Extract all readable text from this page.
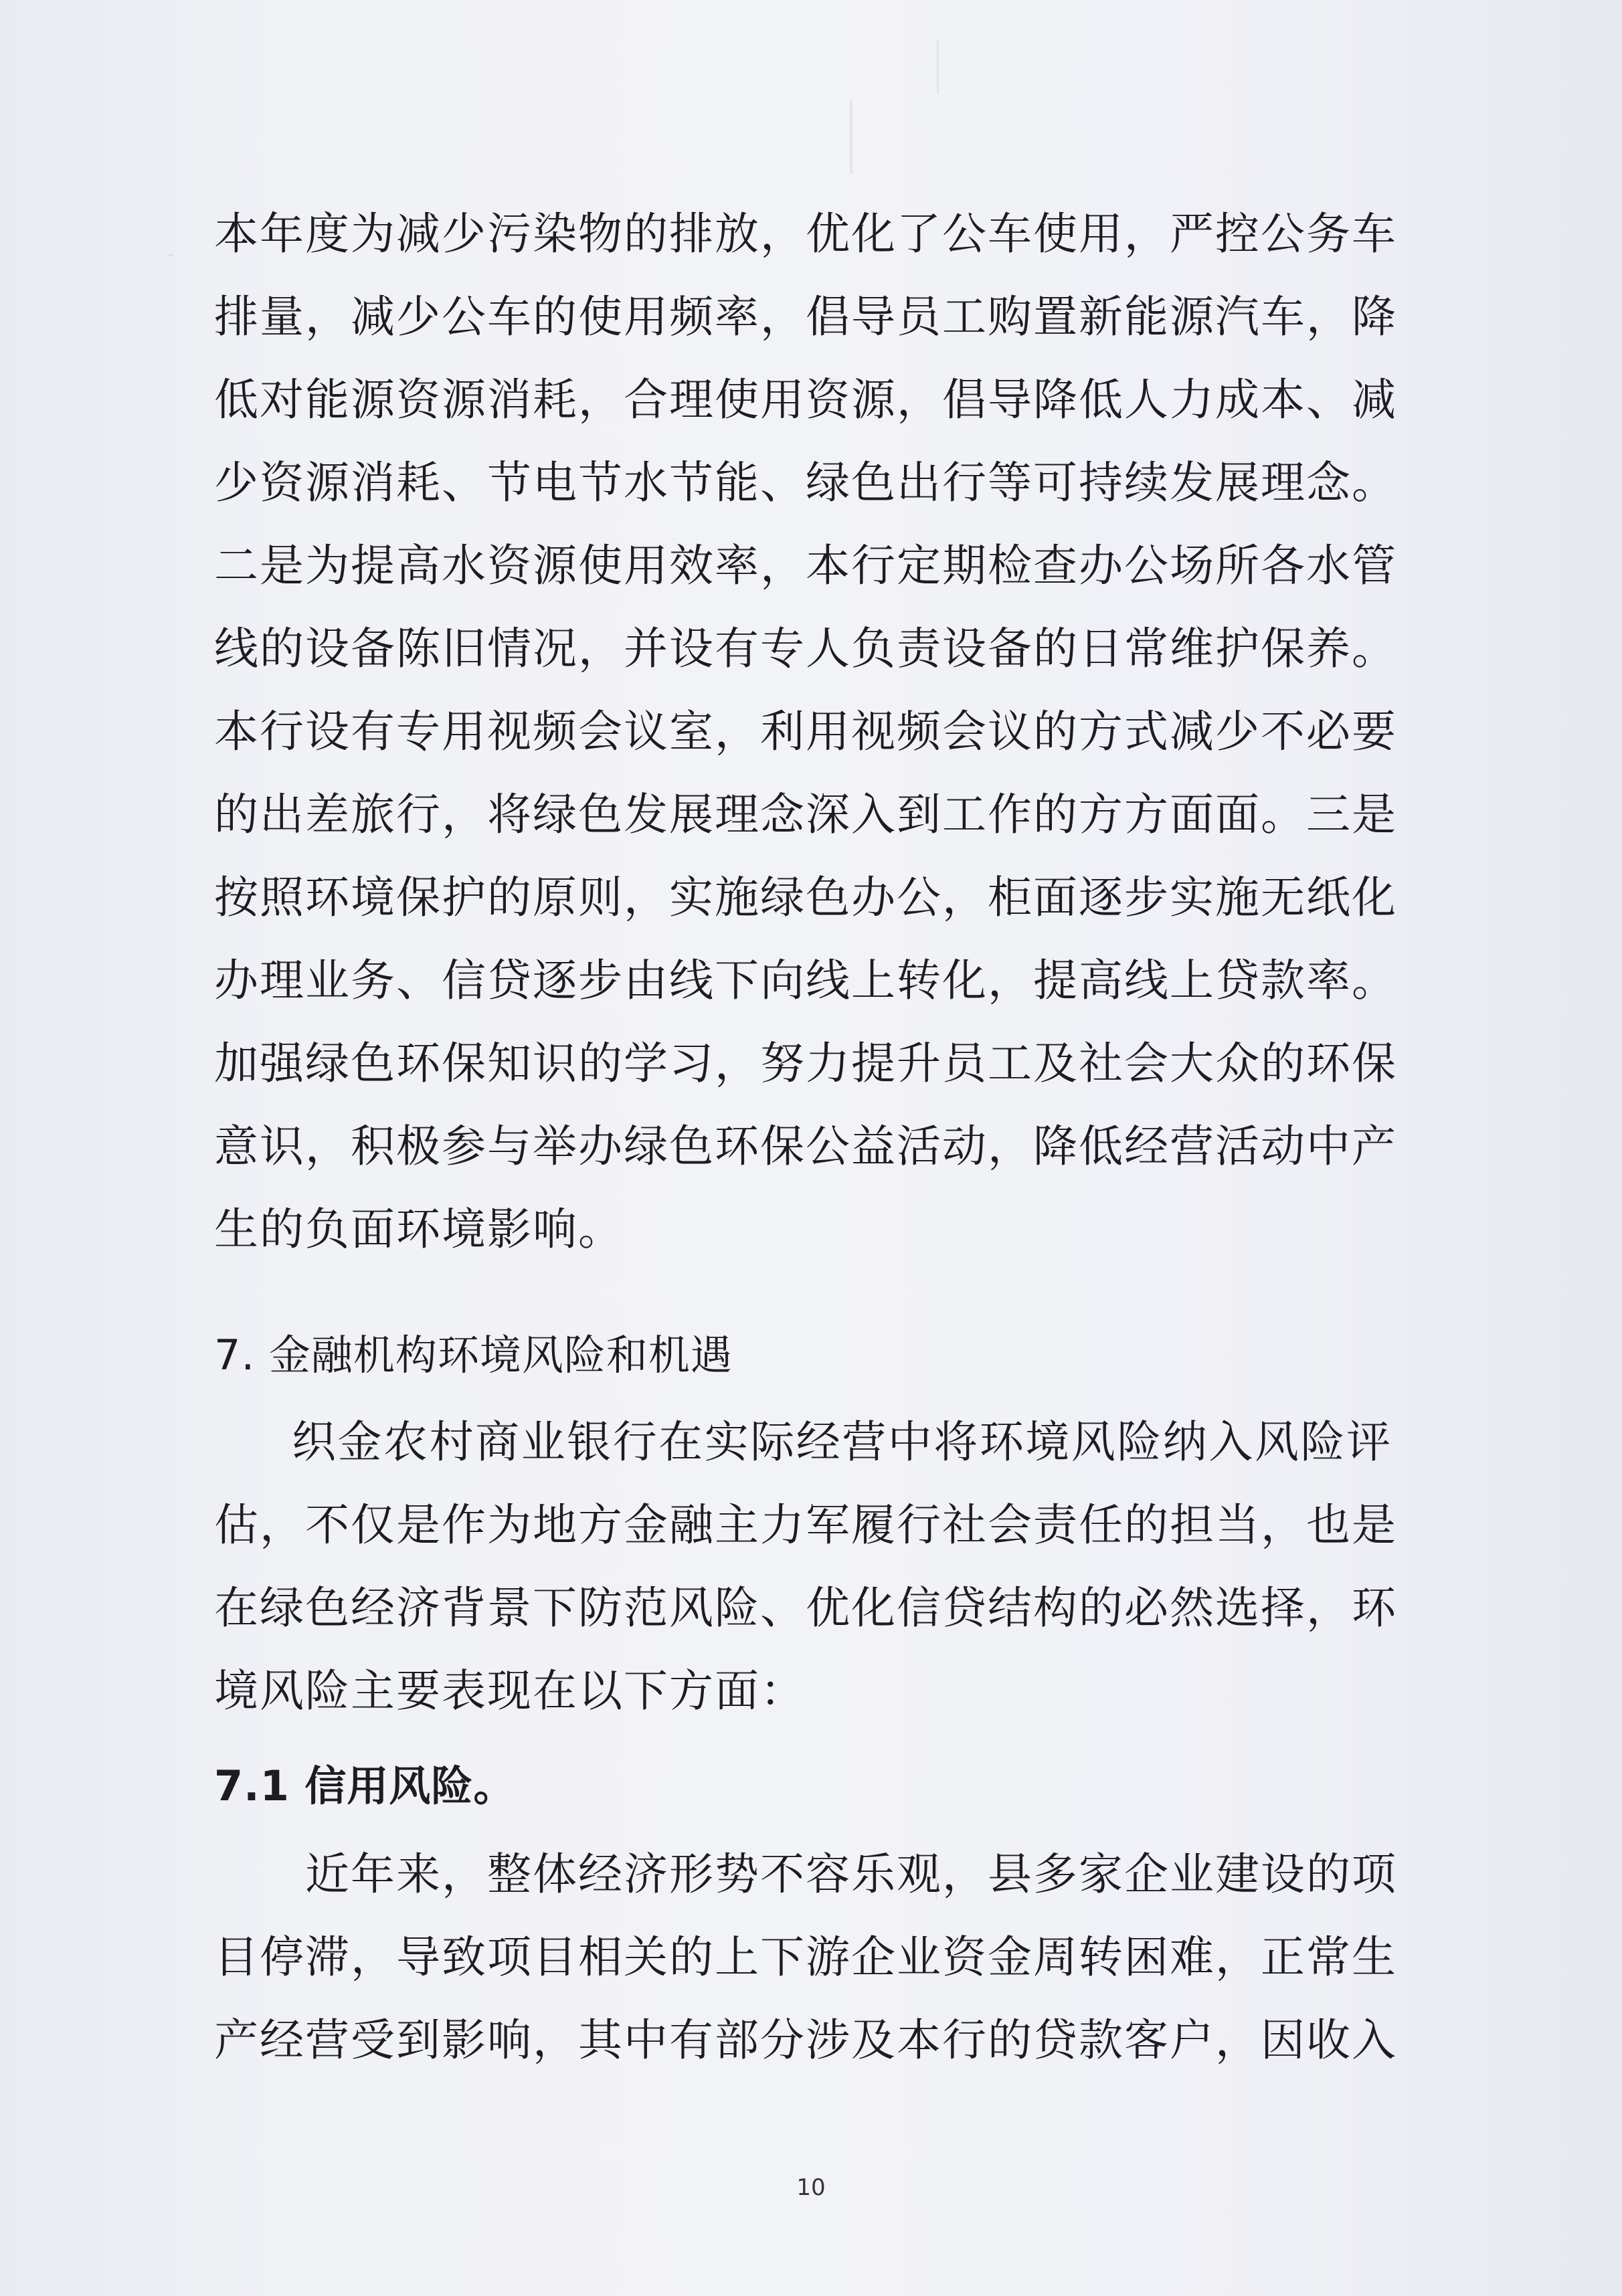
本年度为减少污染物的排放，优化了公车使用，严控公务车
排量，减少公车的使用频率，倡导员工购置新能源汽车，降
低对能源资源消耗，合理使用资源，倡导降低人力成本、减
少资源消耗、节电节水节能、绿色出行等可持续发展理念。
二是为提高水资源使用效率，本行定期检查办公场所各水管
线的设备陈旧情况，并设有专人负责设备的日常维护保养。
本行设有专用视频会议室，利用视频会议的方式减少不必要
的出差旅行，将绿色发展理念深入到工作的方方面面。三是
按照环境保护的原则，实施绿色办公，柜面逐步实施无纸化
办理业务、信贷逐步由线下向线上转化，提高线上贷款率。
加强绿色环保知识的学习，努力提升员工及社会大众的环保
意识，积极参与举办绿色环保公益活动，降低经营活动中产
生的负面环境影响。
7. 金融机构环境风险和机遇
织金农村商业银行在实际经营中将环境风险纳入风险评
估，不仅是作为地方金融主力军履行社会责任的担当，也是
在绿色经济背景下防范风险、优化信贷结构的必然选择，环
境风险主要表现在以下方面：
7.1 信用风险。
近年来，整体经济形势不容乐观，县多家企业建设的项
目停滞，导致项目相关的上下游企业资金周转困难，正常生
产经营受到影响，其中有部分涉及本行的贷款客户，因收入
10
